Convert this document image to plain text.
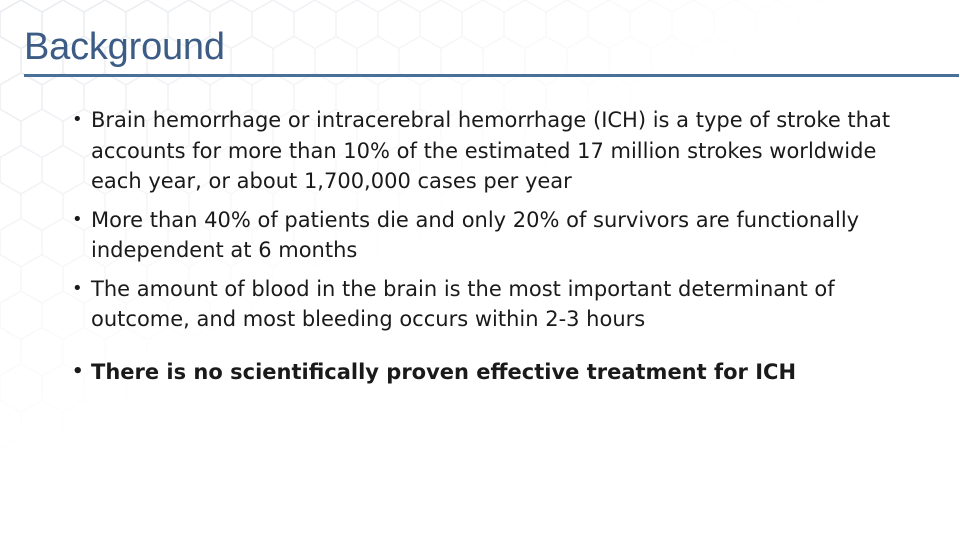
Background
• Brain hemorrhage or intracerebral hemorrhage (ICH) is a type of stroke that accounts for more than 10% of the estimated 17 million strokes worldwide each year, or about 1,700,000 cases per year
• More than 40% of patients die and only 20% of survivors are functionally independent at 6 months
• The amount of blood in the brain is the most important determinant of outcome, and most bleeding occurs within 2-3 hours
• There is no scientifically proven effective treatment for ICH
